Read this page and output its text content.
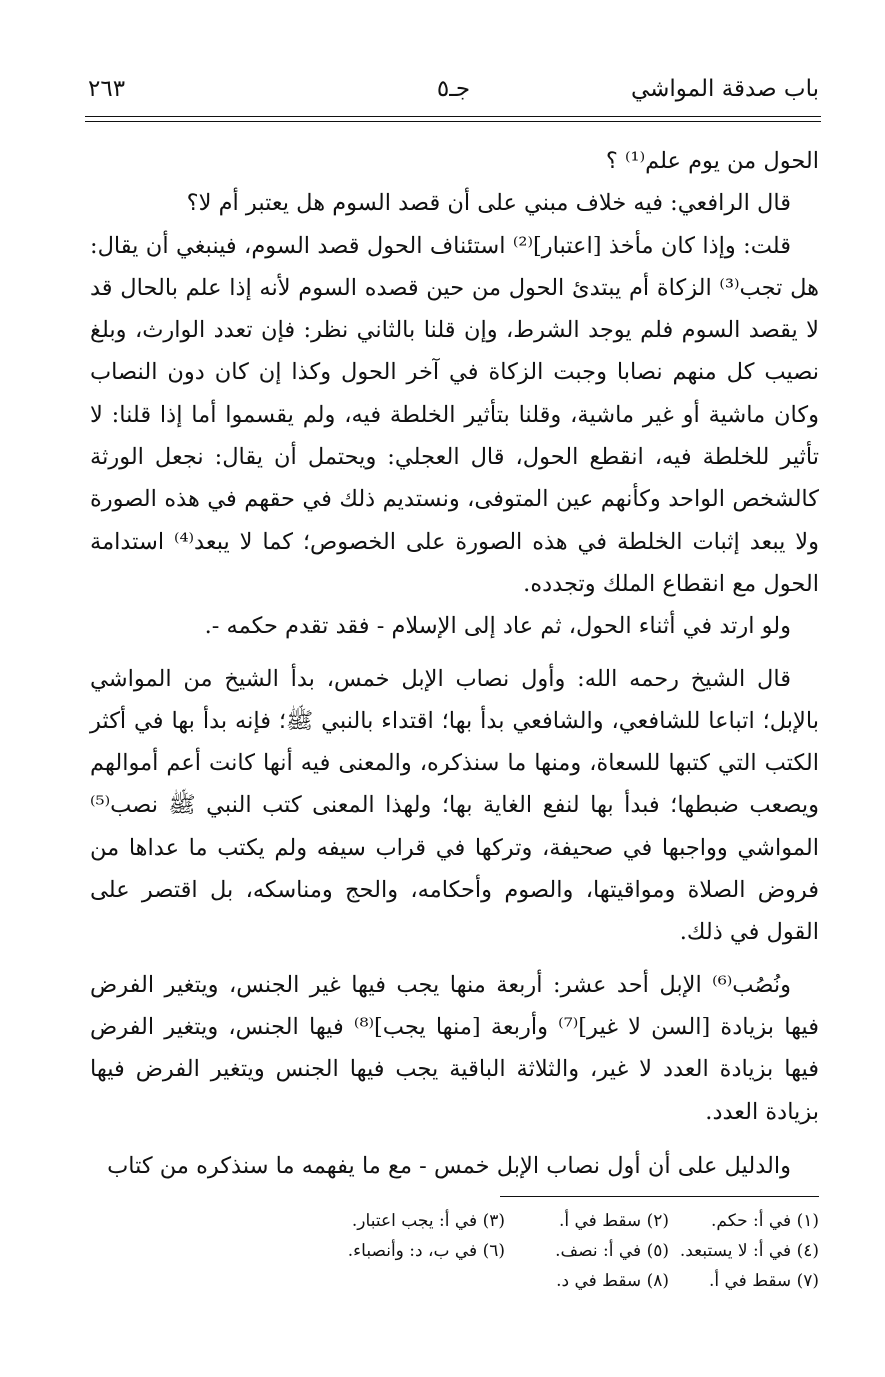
باب صدقة المواشي
جـ٥
٢٦٣

الحول من يوم علم⁽¹⁾ ؟

قال الرافعي: فيه خلاف مبني على أن قصد السوم هل يعتبر أم لا؟

قلت: وإذا كان مأخذ [اعتبار]⁽²⁾ استئناف الحول قصد السوم، فينبغي أن يقال: هل تجب⁽³⁾ الزكاة أم يبتدئ الحول من حين قصده السوم لأنه إذا علم بالحال قد لا يقصد السوم فلم يوجد الشرط، وإن قلنا بالثاني نظر: فإن تعدد الوارث، وبلغ نصيب كل منهم نصابا وجبت الزكاة في آخر الحول وكذا إن كان دون النصاب وكان ماشية أو غير ماشية، وقلنا بتأثير الخلطة فيه، ولم يقسموا أما إذا قلنا: لا تأثير للخلطة فيه، انقطع الحول، قال العجلي: ويحتمل أن يقال: نجعل الورثة كالشخص الواحد وكأنهم عين المتوفى، ونستديم ذلك في حقهم في هذه الصورة ولا يبعد إثبات الخلطة في هذه الصورة على الخصوص؛ كما لا يبعد⁽⁴⁾ استدامة الحول مع انقطاع الملك وتجدده.

ولو ارتد في أثناء الحول، ثم عاد إلى الإسلام - فقد تقدم حكمه -.

قال الشيخ رحمه الله: وأول نصاب الإبل خمس، بدأ الشيخ من المواشي بالإبل؛ اتباعا للشافعي، والشافعي بدأ بها؛ اقتداء بالنبي ﷺ؛ فإنه بدأ بها في أكثر الكتب التي كتبها للسعاة، ومنها ما سنذكره، والمعنى فيه أنها كانت أعم أموالهم ويصعب ضبطها؛ فبدأ بها لنفع الغاية بها؛ ولهذا المعنى كتب النبي ﷺ نصب⁽⁵⁾ المواشي وواجبها في صحيفة، وتركها في قراب سيفه ولم يكتب ما عداها من فروض الصلاة ومواقيتها، والصوم وأحكامه، والحج ومناسكه، بل اقتصر على القول في ذلك.

ونُصُب⁽⁶⁾ الإبل أحد عشر: أربعة منها يجب فيها غير الجنس، ويتغير الفرض فيها بزيادة [السن لا غير]⁽⁷⁾ وأربعة [منها يجب]⁽⁸⁾ فيها الجنس، ويتغير الفرض فيها بزيادة العدد لا غير، والثلاثة الباقية يجب فيها الجنس ويتغير الفرض فيها بزيادة العدد.

والدليل على أن أول نصاب الإبل خمس - مع ما يفهمه ما سنذكره من كتاب

(١) في أ: حكم.
(٢) سقط في أ.
(٣) في أ: يجب اعتبار.
(٤) في أ: لا يستبعد.
(٥) في أ: نصف.
(٦) في ب، د: وأنصباء.
(٧) سقط في أ.
(٨) سقط في د.
